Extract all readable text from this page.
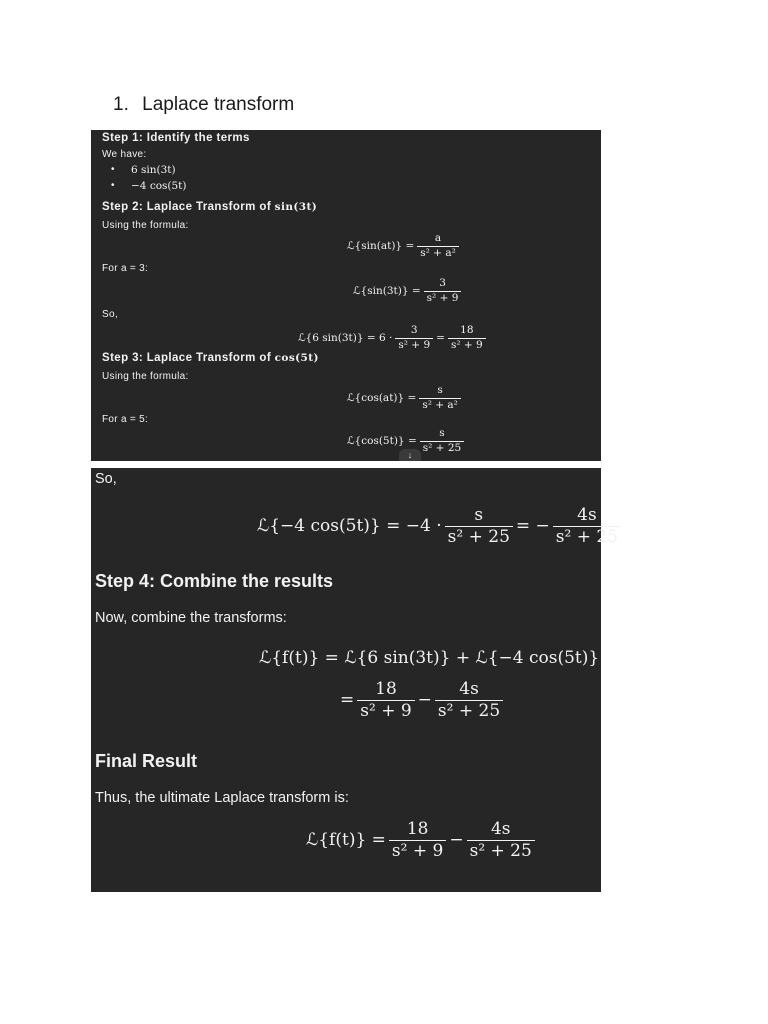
1. Laplace transform
Step 1: Identify the terms
We have:
• 6 sin(3t)
• −4 cos(5t)
Step 2: Laplace Transform of sin(3t)
Using the formula:
ℒ{sin(at)} = $\frac{a}{\text{s² + a²}}$
For a = 3:
ℒ{sin(3t)} = $\frac{3}{\text{s² + 9}}$
So,
ℒ{6 $\sin(3t)\} = 6 \cdot \frac{3}{\text{s² + 9}} = \frac{18}{\text{s² + 9}}$
Step 3: Laplace Transform of cos(5t)
Using the formula:
ℒ{cos(at)} = $\frac{s}{\text{s² + a²}}$
For a = 5:
ℒ{cos(5t)} = $\frac{s}{\text{s² + 25}}$
↓
So,
ℒ{−4 $\cos(5t)\} = -4 \cdot \frac{s}{\text{s² + 25}}$ = − $\frac{4s}{\text{s² + 25}}$
Step 4: Combine the results
Now, combine the transforms:
ℒ{f(t)} = ℒ{6 sin(3t)} + ℒ{−4 cos(5t)}
= $\frac{18}{\text{s² + 9}} - \frac{4s}{\text{s² + 25}}$
Final Result
Thus, the ultimate Laplace transform is:
ℒ{f(t)} = $\frac{18}{\text{s² + 9}} - \frac{4s}{\text{s² + 25}}$
